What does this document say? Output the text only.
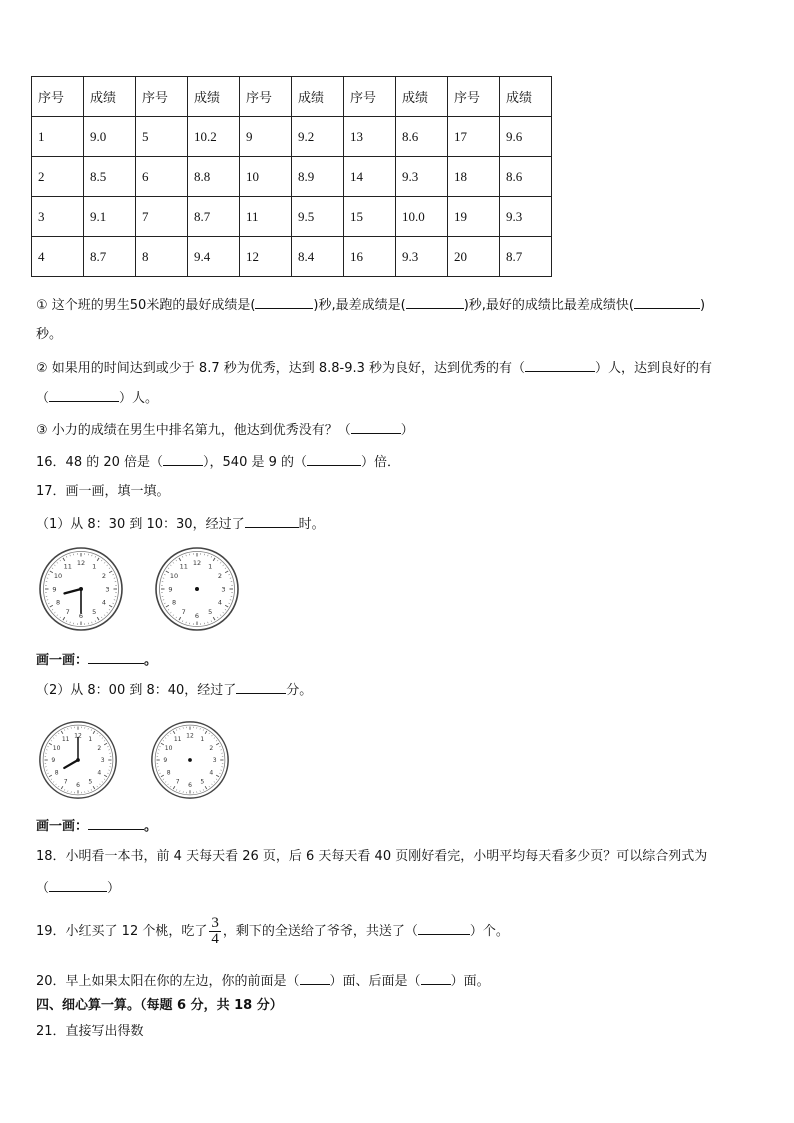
序号	成绩	序号	成绩	序号	成绩	序号	成绩	序号	成绩
1	9.0	5	10.2	9	9.2	13	8.6	17	9.6
2	8.5	6	8.8	10	8.9	14	9.3	18	8.6
3	9.1	7	8.7	11	9.5	15	10.0	19	9.3
4	8.7	8	9.4	12	8.4	16	9.3	20	8.7
① 这个班的男生50米跑的最好成绩是(	)秒,最差成绩是(	)秒,最好的成绩比最差成绩快(	)
秒。
② 如果用的时间达到或少于 8.7 秒为优秀，达到 8.8-9.3 秒为良好，达到优秀的有（	）人，达到良好的有
（	）人。
③ 小力的成绩在男生中排名第九，他达到优秀没有？（	）
16．48 的 20 倍是（	），540 是 9 的（	）倍．
17．画一画，填一填。
（1）从 8：30 到 10：30，经过了	时。
12 1
2
3
4
5
6
7
8
9
10
11	12 1
2
3
4
5
6
7
8
9
10
11
画一画：	。
（2）从 8：00 到 8：40，经过了	分。
12 1
2
3
4
5
6
7
8
9
10
11	12 1
2
3
4
5
6
7
8
9
10
11
画一画：	。
18．小明看一本书，前 4 天每天看 26 页，后 6 天每天看 40 页刚好看完，小明平均每天看多少页？可以综合列式为
（	）
19．小红买了 12 个桃，吃了 $\frac{3}{4}$ ，剩下的全送给了爷爷，共送了（	）个。
20．早上如果太阳在你的左边，你的前面是（ ）面、后面是（ ）面。
四、细心算一算。（每题 6 分，共 18 分）
21．直接写出得数
